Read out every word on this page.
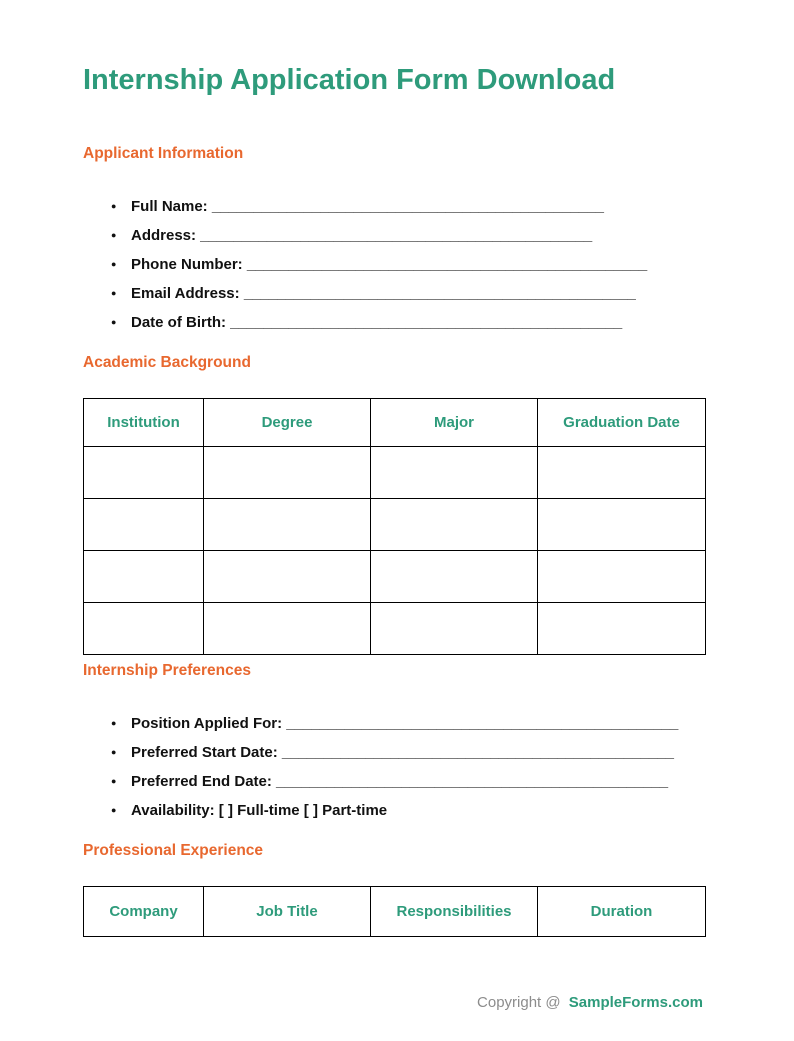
Internship Application Form Download
Applicant Information
● Full Name: _______________________________________________
● Address: _______________________________________________
● Phone Number: ________________________________________________
● Email Address: _______________________________________________
● Date of Birth: _______________________________________________
Academic Background
Institution	Degree	Major	Graduation Date

Internship Preferences
● Position Applied For: _______________________________________________
● Preferred Start Date: _______________________________________________
● Preferred End Date: _______________________________________________
● Availability: [ ] Full-time [ ] Part-time
Professional Experience
Company	Job Title	Responsibilities	Duration
Copyright @ SampleForms.com
